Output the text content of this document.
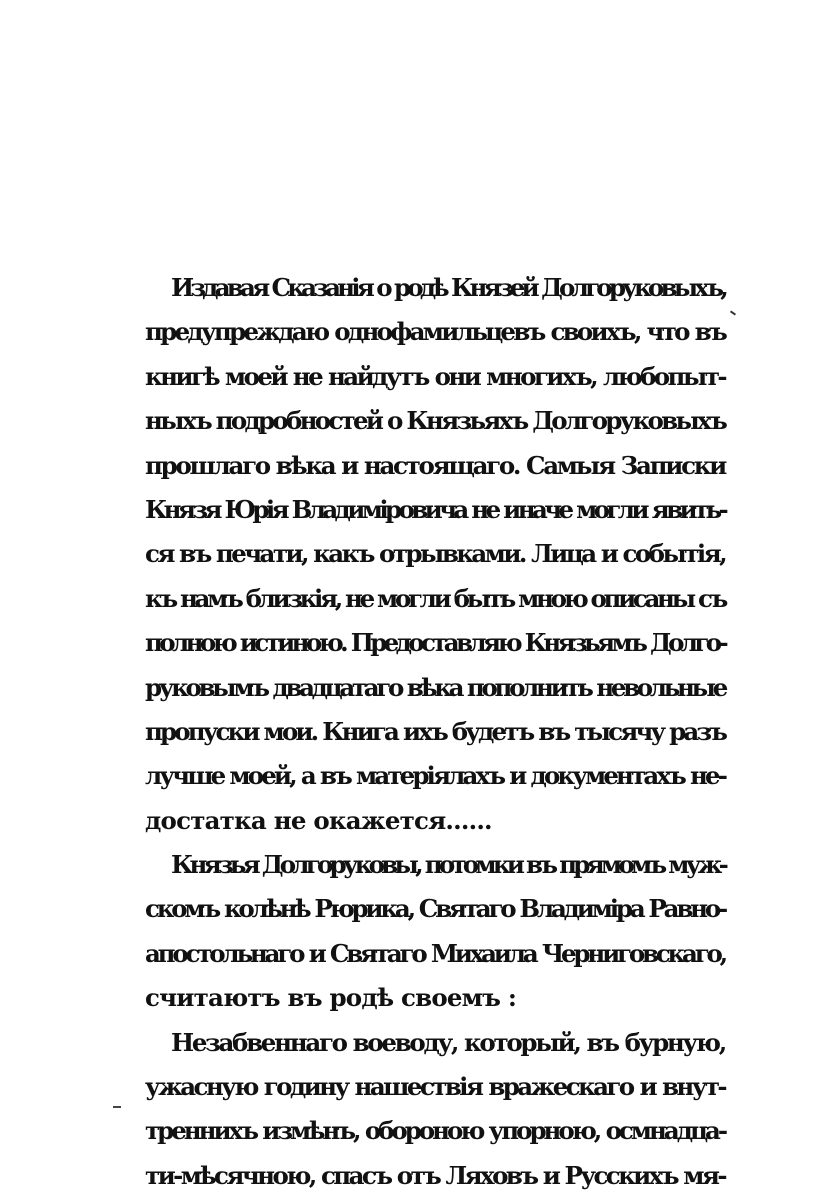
Издавая Сказанія о родѣ Князей Долгоруковыхъ,
предупреждаю однофамильцевъ своихъ, что въ
книгѣ моей не найдутъ они многихъ, любопыт-
ныхъ подробностей о Князьяхъ Долгоруковыхъ
прошлаго вѣка и настоящаго. Самыя Записки
Князя Юрія Владиміровича не иначе могли явить-
ся въ печати, какъ отрывками. Лица и событія,
къ намъ близкія, не могли быть мною описаны съ
полною истиною. Предоставляю Князьямъ Долго-
руковымъ двадцатаго вѣка пополнить невольные
пропуски мои. Книга ихъ будетъ въ тысячу разъ
лучше моей, а въ матеріялахъ и документахъ не-
достатка не окажется......
Князья Долгоруковы, потомки въ прямомъ муж-
скомъ колѣнѣ Рюрика, Святаго Владиміра Равно-
апостольнаго и Святаго Михаила Черниговскаго,
считаютъ въ родѣ своемъ :
Незабвеннаго воеводу, который, въ бурную,
ужасную годину нашествія вражескаго и внут-
треннихъ измѣнъ, обороною упорною, осмнадца-
ти-мѣсячною, спасъ отъ Ляховъ и Русскихъ мя-
